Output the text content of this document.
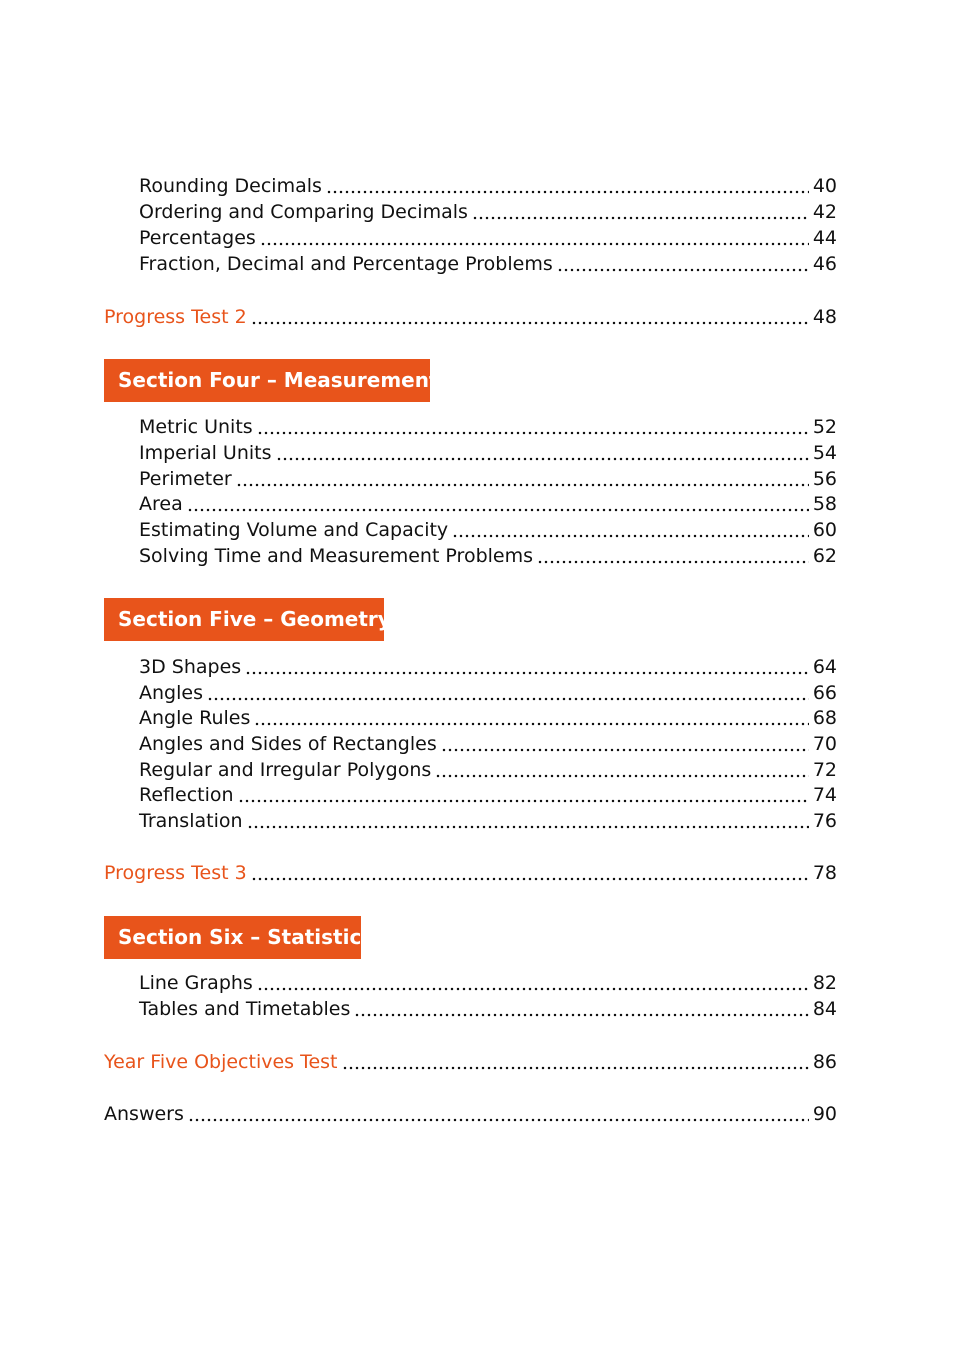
Rounding Decimals	40
Ordering and Comparing Decimals	42
Percentages	44
Fraction, Decimal and Percentage Problems	46
Progress Test 2	48
Section Four – Measurement
Metric Units	52
Imperial Units	54
Perimeter	56
Area	58
Estimating Volume and Capacity	60
Solving Time and Measurement Problems	62
Section Five – Geometry
3D Shapes	64
Angles	66
Angle Rules	68
Angles and Sides of Rectangles	70
Regular and Irregular Polygons	72
Reflection	74
Translation	76
Progress Test 3	78
Section Six – Statistics
Line Graphs	82
Tables and Timetables	84
Year Five Objectives Test	86
Answers	90
